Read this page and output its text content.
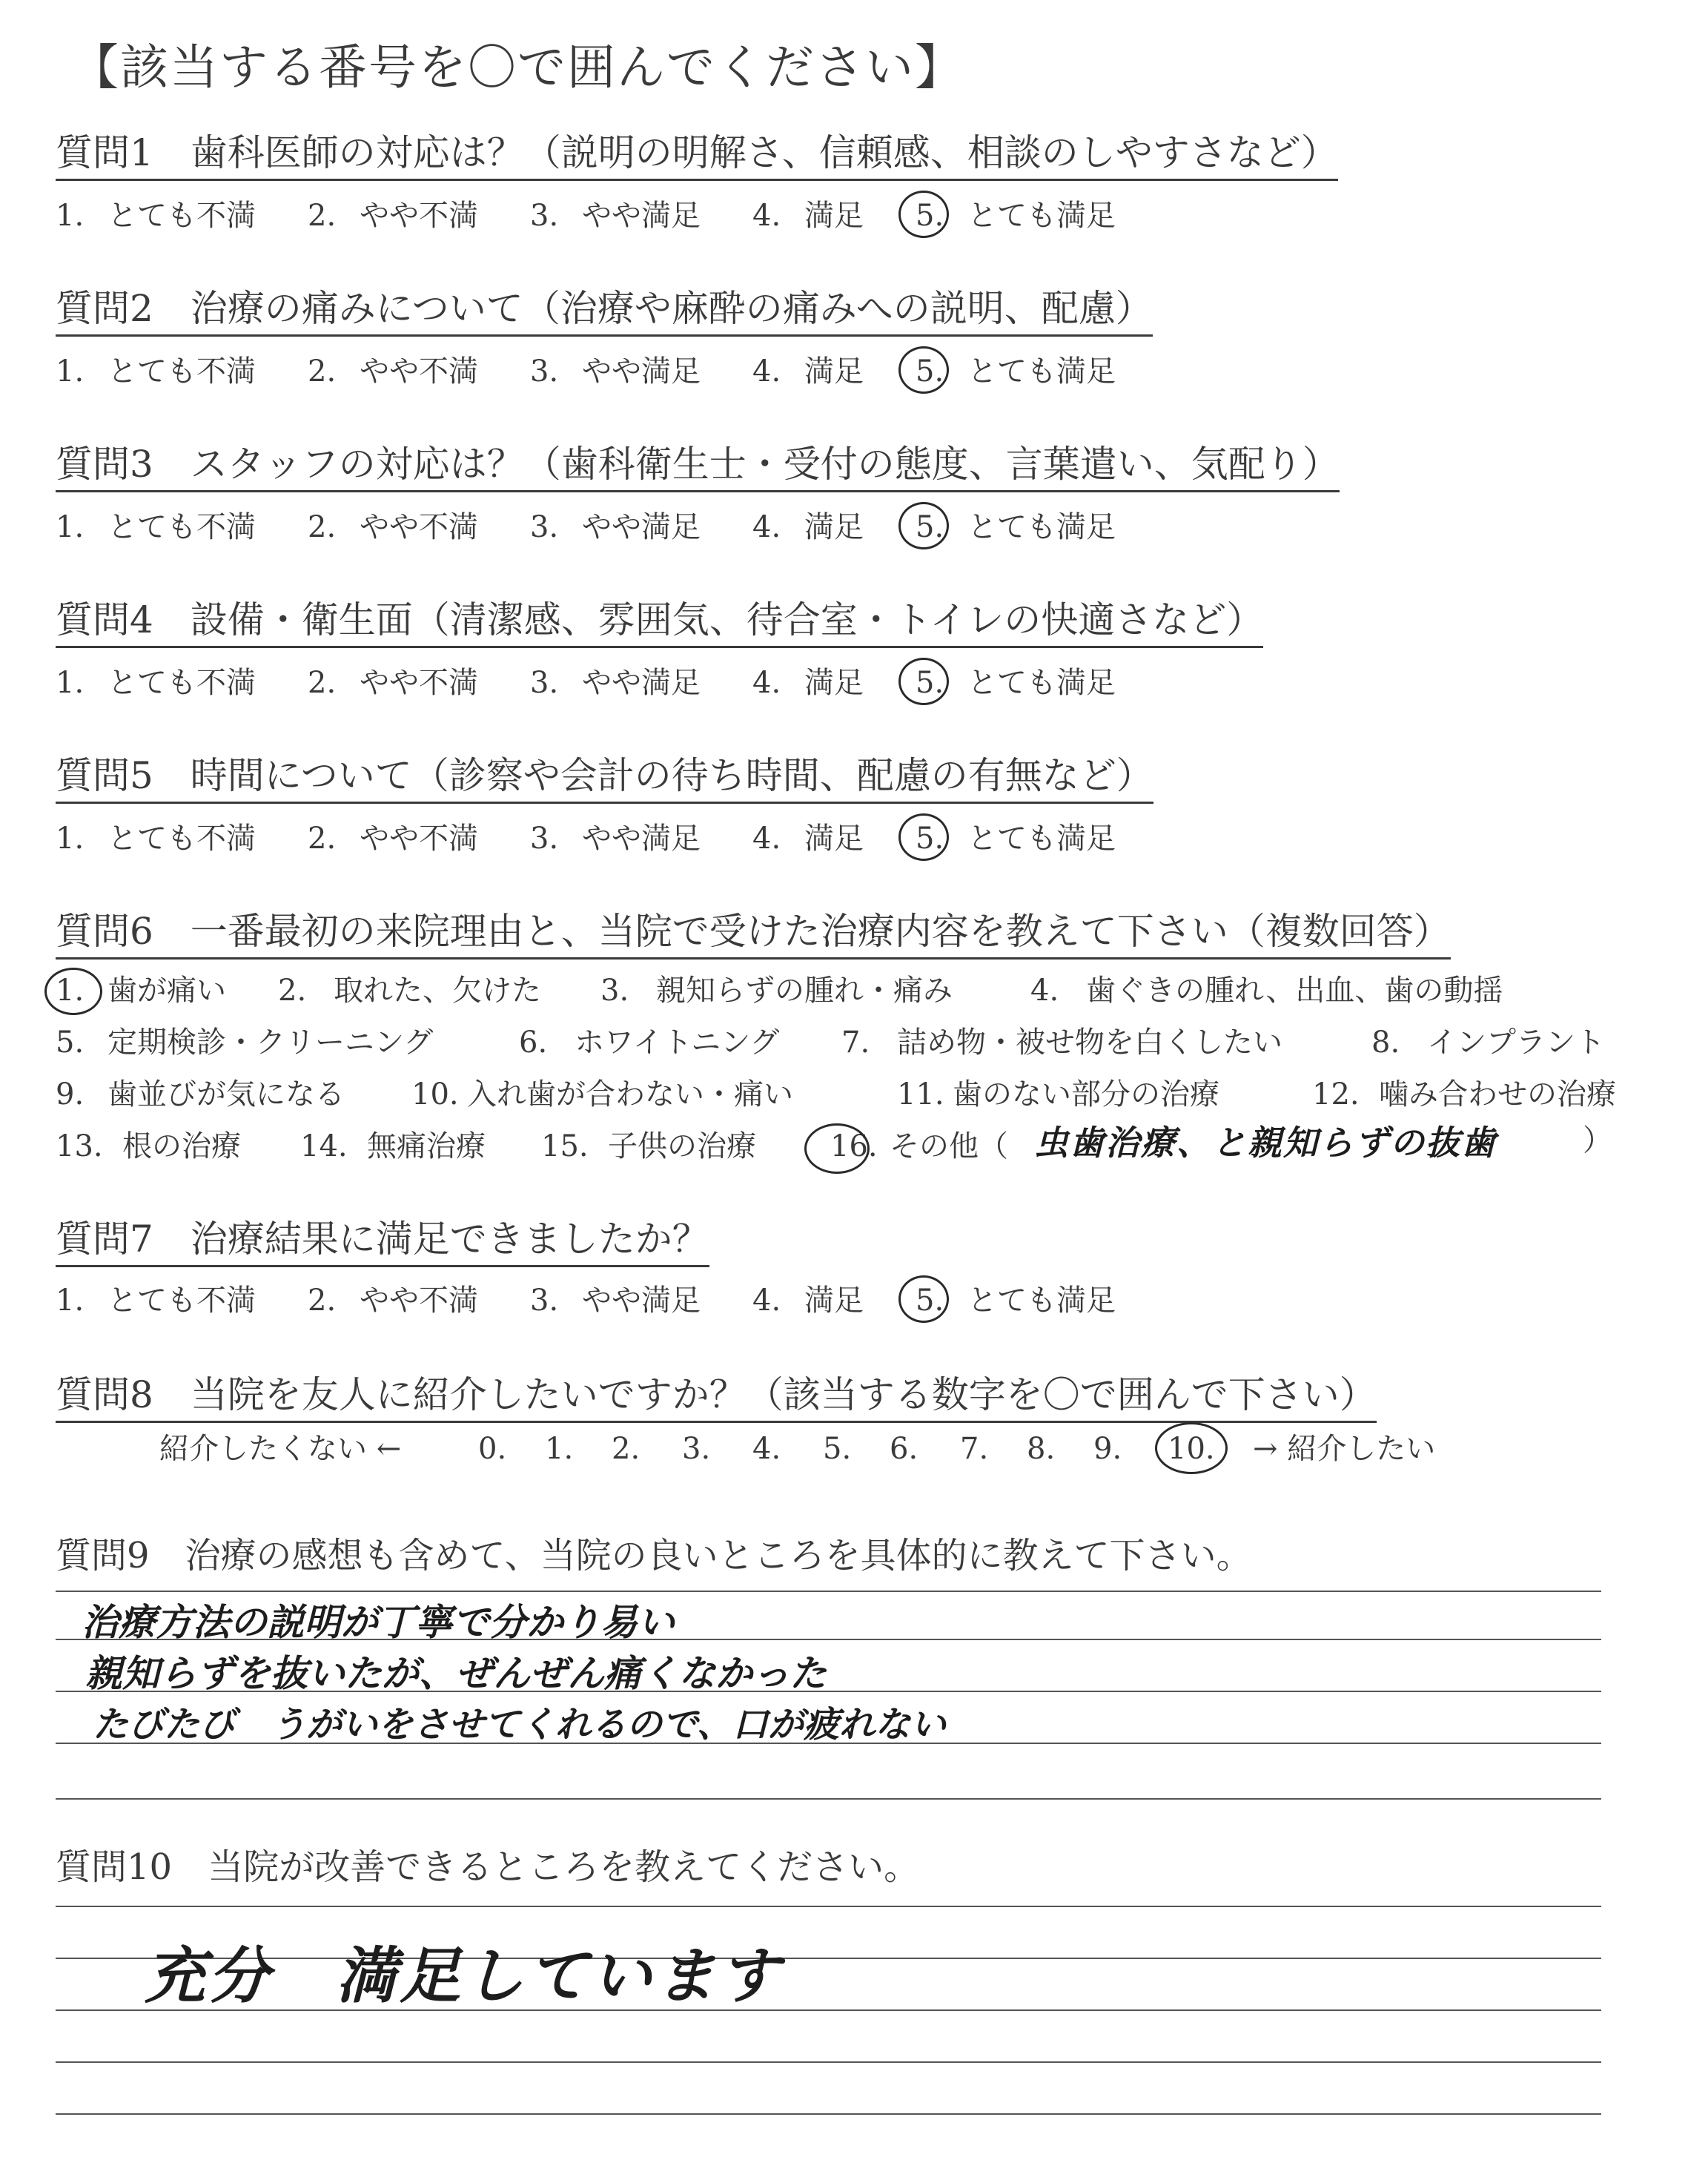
【該当する番号を〇で囲んでください】
質問6　一番最初の来院理由と、当院で受けた治療内容を教えて下さい（複数回答）
虫歯治療、と親知らずの抜歯	）
質問7　治療結果に満足できましたか？
質問8　当院を友人に紹介したいですか？（該当する数字を〇で囲んで下さい）
紹介したくない ←	→ 紹介したい
質問9　治療の感想も含めて、当院の良いところを具体的に教えて下さい。
治療方法の説明が丁寧で分かり易い
親知らずを抜いたが、ぜんぜん痛くなかった
たびたび　うがいをさせてくれるので、口が疲れない
質問10　当院が改善できるところを教えてください。
充分　満足しています
質問1　歯科医師の対応は？（説明の明解さ、信頼感、相談のしやすさなど）
1. とても不満 2. やや不満 3. やや満足 4. 満足 5. とても満足
質問2　治療の痛みについて（治療や麻酔の痛みへの説明、配慮）
1. とても不満 2. やや不満 3. やや満足 4. 満足 5. とても満足
質問3　スタッフの対応は？（歯科衛生士・受付の態度、言葉遣い、気配り）
1. とても不満 2. やや不満 3. やや満足 4. 満足 5. とても満足
質問4　設備・衛生面（清潔感、雰囲気、待合室・トイレの快適さなど）
1. とても不満 2. やや不満 3. やや満足 4. 満足 5. とても満足
質問5　時間について（診察や会計の待ち時間、配慮の有無など）
1. とても不満 2. やや不満 3. やや満足 4. 満足 5. とても満足
1. 歯が痛い 2. 取れた、欠けた 3. 親知らずの腫れ・痛み	4. 歯ぐきの腫れ、出血、歯の動揺
5. 定期検診・クリーニング	6. ホワイトニング 7. 詰め物・被せ物を白くしたい	8. インプラント
9. 歯並びが気になる 10. 入れ歯が合わない・痛い	11. 歯のない部分の治療	12. 噛み合わせの治療
13. 根の治療 14. 無痛治療 15. 子供の治療	16. その他（
1. とても不満 2. やや不満 3. やや満足 4. 満足 5. とても満足
0. 1. 2. 3. 4. 5. 6. 7. 8. 9. 10.
